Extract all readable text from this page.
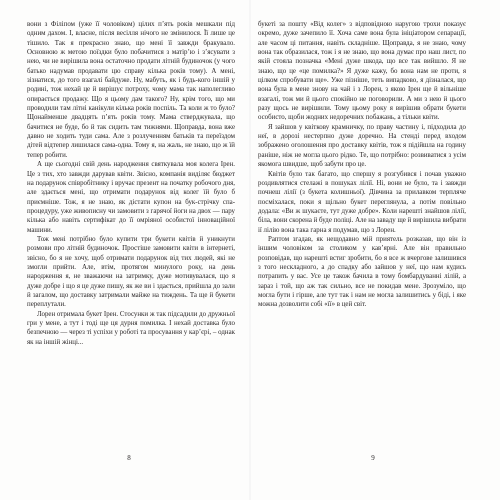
вони з Філіпом (уже її чоловіком) цілих п’ять років мешкали під одним дахом. І, власне, після весілля нічого не змінилося. Її лише це тішило. Так я прекрасно знаю, що мені її завжди бракувало. Основною ж метою поїздки було побачитися з матір’ю і з’ясувати з нею, чи не вирішила вона остаточно продати літній будиночок (у чого батько надумав продавати цю справу кілька років тому). А мені, зізнатися, до того взагалі байдуже. Ну, мабуть, як і будь-кого іншій у родині, тож нехай це й вирішує потроху, чому мама так наполегливо опирається продажу. Що я цьому дам такого? Ну, крім того, що ми проводили там літні канікули кілька років поспіль. Та коли ж то було? Щонайменше двадцять п’ять років тому. Мама стверджувала, що бачитися не буде, бо й так сидить там тижнями. Щоправда, вона вже давно не ходить туди сама. Але з розлученням батьків та переїздом дітей відтепер лишилася сама-одна. Тому я, на жаль, не знаю, що ж їй тепер робити.

А ще сьогодні свій день народження святкувала моя колега Ірен. Це з тих, хто завжди дарував квіти. Звісно, компанія виділяє бюджет на подарунок співробітнику і вручає презент на початку робочого дня, але здається мені, що отримати подарунок від колег їй було б приємніше. Тож, я не знаю, як дістати купон на бук-стрічку спа-процедуру, уже живописну чи замовити з гарячої йоги на двох — пару кілька або навіть сертифікат до її омріяної особистої інноваційної машини.

Тож мені потрібно було купити три букети квітів й уникнути розмови про літній будиночок. Простіше замовити квіти в інтернеті, звісно, бо я не хочу, щоб отримати подарунок від тих людей, які не змогли прийти. Але, втім, протягом минулого року, на день народження я, не зважаючи на затримку, дуже мотивувалася, що я дуже добре і що я це дуже пишу, як же ви і здається, прийшла до зали й загалом, що доставку затримали майже на тиждень. Та ще й букети переплутали.

Лорен отримала букет Ірен. Стосунки ж так підсадили до дружньої гри у мене, а тут і тоді ще ця дурня помилка. І нехай доставка було безпечною — через ті успіхи у роботі та просування у кар’єрі, – однак як на іншій жінці...

8

букеті за пошту «Від колег» з відповідною наругою трохи показує окремо, дуже зачепило її. Хоча саме вона була ініціатором сепарації, але часом ці питання, навіть складніше. Щоправда, я не знаю, чому вона так образилася, тож і я не знаю, що вона думає про наш лист, по якій стояла позначка «Мені дуже шкода, що все так вийшло. Я не знаю, що це «це помилка?» Я дуже кажу, бо вона нам не проти, я цілком спробувати ще». Уже пізніше, теть випадково, я дізналася, що вона була в мене знову на чай і з Лорен, з якою Ірен ще й вільніше взагалі, тож ми й цього спокійно не поговорили. А ми з нею й цього разу щось не вирішили. Тому цьому року я вирішив обрати букети особисто, щоби жодних недоречних побажань, а тільки квіти.

Я зайшов у квіткову крамничку, по праву частину і, підходила до неї, в дорозі нестерпно дуже доречно. На стенді перед входом зображено оголошення про доставку квітів, тож я підійшла на годину раніше, ніж не могла цього рідко. Те, що потрібно: розвиватися з усім якомога швидше, щоб забути про це.

Квітів було так багато, що спершу я розгубився і почав уважно роздивлятися стелажі в пошуках лілії. Ні, вони не було, та і завжди почнеш лілії (з букета колишньої). Дівчина за прилавком терпляче посміхалася, поки я щільно букет переглянула, а потім повільно додала: «Ви ж шукаєте, тут дуже добре». Коли нарешті знайшов лілії, біла, вони скорена й буде поліці. Але на заваду ще й вирішила вибрати ії лілію вона така гарна я подумав, що з Лорен.

Раптом згадав, як нещодавно мій приятель розказав, що він із іншим чоловіком за столиком у кав’ярні. Але він правильно розповідав, що нарешті встиг зробити, бо я все ж вчергове залишився з того нескладного, а до спадку або зайшов у неї, що нам кудись потрапить у вас. Усе це також бачила в тому бомбардуванні лілій, а зараз і той, що аж так сильно, все не покидав мене. Зрозуміло, що могла бути і гірше, але тут так і нам не могла залишитись у біді, і яке можна дозволити собі «її» в цей світ.

9
